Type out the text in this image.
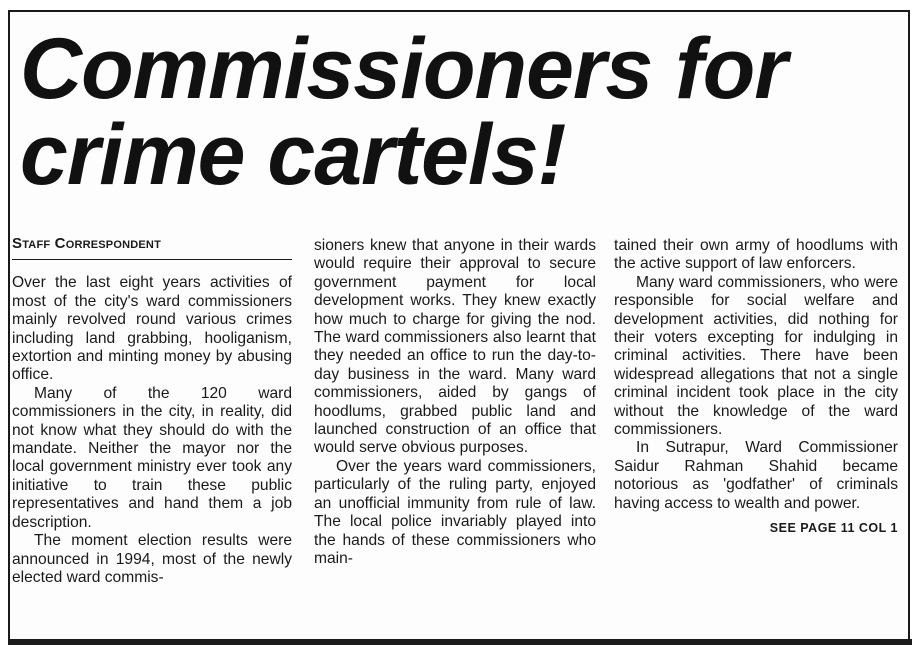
Commissioners for
crime cartels!
Staff Correspondent

Over the last eight years activities of most of the city's ward commissioners mainly revolved round various crimes including land grabbing, hooliganism, extortion and minting money by abusing office.

Many of the 120 ward commissioners in the city, in reality, did not know what they should do with the mandate. Neither the mayor nor the local government ministry ever took any initiative to train these public representatives and hand them a job description.

The moment election results were announced in 1994, most of the newly elected ward commis-

sioners knew that anyone in their wards would require their approval to secure government payment for local development works. They knew exactly how much to charge for giving the nod. The ward commissioners also learnt that they needed an office to run the day-to-day business in the ward. Many ward commissioners, aided by gangs of hoodlums, grabbed public land and launched construction of an office that would serve obvious purposes.

Over the years ward commissioners, particularly of the ruling party, enjoyed an unofficial immunity from rule of law. The local police invariably played into the hands of these commissioners who main-

tained their own army of hoodlums with the active support of law enforcers.

Many ward commissioners, who were responsible for social welfare and development activities, did nothing for their voters excepting for indulging in criminal activities. There have been widespread allegations that not a single criminal incident took place in the city without the knowledge of the ward commissioners.

In Sutrapur, Ward Commissioner Saidur Rahman Shahid became notorious as 'godfather' of criminals having access to wealth and power.

SEE PAGE 11 COL 1
